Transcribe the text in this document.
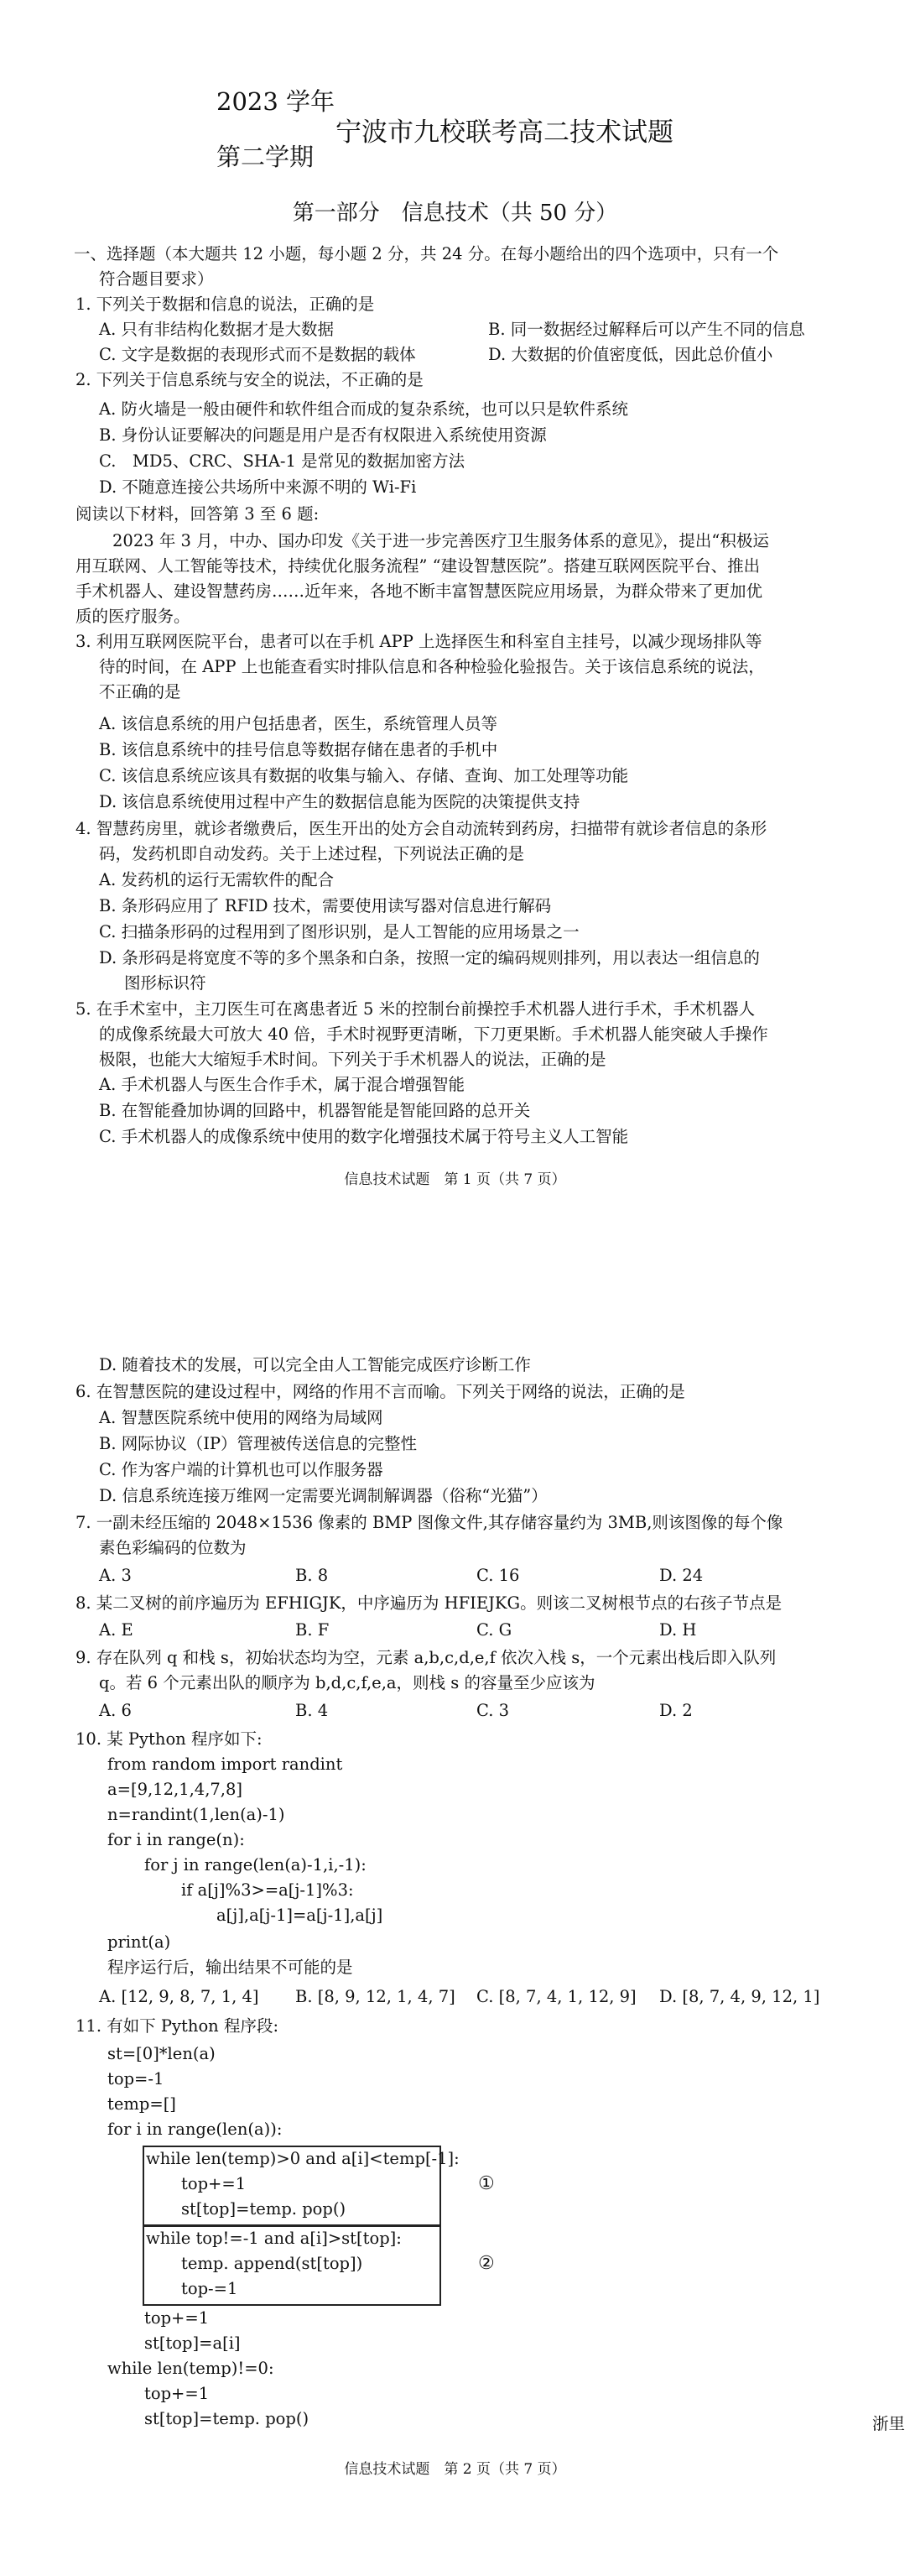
2023 学年
第二学期
宁波市九校联考高二技术试题
第一部分　信息技术（共 50 分）
一、选择题（本大题共 12 小题，每小题 2 分，共 24 分。在每小题给出的四个选项中，只有一个
符合题目要求）
1. 下列关于数据和信息的说法，正确的是
A. 只有非结构化数据才是大数据	B. 同一数据经过解释后可以产生不同的信息
C. 文字是数据的表现形式而不是数据的载体	D. 大数据的价值密度低，因此总价值小
2. 下列关于信息系统与安全的说法，不正确的是
A. 防火墙是一般由硬件和软件组合而成的复杂系统，也可以只是软件系统
B. 身份认证要解决的问题是用户是否有权限进入系统使用资源
C.　MD5、CRC、SHA-1 是常见的数据加密方法
D. 不随意连接公共场所中来源不明的 Wi-Fi
阅读以下材料，回答第 3 至 6 题:
2023 年 3 月，中办、国办印发《关于进一步完善医疗卫生服务体系的意见》，提出“积极运
用互联网、人工智能等技术，持续优化服务流程” “建设智慧医院”。搭建互联网医院平台、推出
手术机器人、建设智慧药房……近年来，各地不断丰富智慧医院应用场景，为群众带来了更加优
质的医疗服务。
3. 利用互联网医院平台，患者可以在手机 APP 上选择医生和科室自主挂号，以减少现场排队等
待的时间，在 APP 上也能查看实时排队信息和各种检验化验报告。关于该信息系统的说法，
不正确的是
A. 该信息系统的用户包括患者，医生，系统管理人员等
B. 该信息系统中的挂号信息等数据存储在患者的手机中
C. 该信息系统应该具有数据的收集与输入、存储、查询、加工处理等功能
D. 该信息系统使用过程中产生的数据信息能为医院的决策提供支持
4. 智慧药房里，就诊者缴费后，医生开出的处方会自动流转到药房，扫描带有就诊者信息的条形
码，发药机即自动发药。关于上述过程，下列说法正确的是
A. 发药机的运行无需软件的配合
B. 条形码应用了 RFID 技术，需要使用读写器对信息进行解码
C. 扫描条形码的过程用到了图形识别，是人工智能的应用场景之一
D. 条形码是将宽度不等的多个黑条和白条，按照一定的编码规则排列，用以表达一组信息的
图形标识符
5. 在手术室中，主刀医生可在离患者近 5 米的控制台前操控手术机器人进行手术，手术机器人
的成像系统最大可放大 40 倍，手术时视野更清晰，下刀更果断。手术机器人能突破人手操作
极限，也能大大缩短手术时间。下列关于手术机器人的说法，正确的是
A. 手术机器人与医生合作手术，属于混合增强智能
B. 在智能叠加协调的回路中，机器智能是智能回路的总开关
C. 手术机器人的成像系统中使用的数字化增强技术属于符号主义人工智能
信息技术试题　第 1 页（共 7 页）
D. 随着技术的发展，可以完全由人工智能完成医疗诊断工作
6. 在智慧医院的建设过程中，网络的作用不言而喻。下列关于网络的说法，正确的是
A. 智慧医院系统中使用的网络为局域网
B. 网际协议（IP）管理被传送信息的完整性
C. 作为客户端的计算机也可以作服务器
D. 信息系统连接万维网一定需要光调制解调器（俗称“光猫”）
7. 一副未经压缩的 2048×1536 像素的 BMP 图像文件,其存储容量约为 3MB,则该图像的每个像
素色彩编码的位数为
A. 3	B. 8	C. 16	D. 24
8. 某二叉树的前序遍历为 EFHIGJK，中序遍历为 HFIEJKG。则该二叉树根节点的右孩子节点是
A. E	B. F	C. G	D. H
9. 存在队列 q 和栈 s，初始状态均为空，元素 a,b,c,d,e,f 依次入栈 s，一个元素出栈后即入队列
q。若 6 个元素出队的顺序为 b,d,c,f,e,a，则栈 s 的容量至少应该为
A. 6	B. 4	C. 3	D. 2
10. 某 Python 程序如下:
from random import randint
a=[9,12,1,4,7,8]
n=randint(1,len(a)-1)
for i in range(n):
for j in range(len(a)-1,i,-1):
if a[j]%3>=a[j-1]%3:
a[j],a[j-1]=a[j-1],a[j]
print(a)
程序运行后，输出结果不可能的是
A. [12, 9, 8, 7, 1, 4] B. [8, 9, 12, 1, 4, 7] C. [8, 7, 4, 1, 12, 9] D. [8, 7, 4, 9, 12, 1]
11. 有如下 Python 程序段:
st=[0]*len(a)
top=-1
temp=[]
for i in range(len(a)):
while len(temp)>0 and a[i]<temp[-1]:
top+=1
st[top]=temp. pop()
①
while top!=-1 and a[i]>st[top]:
temp. append(st[top])
top-=1
②
top+=1
st[top]=a[i]
while len(temp)!=0:
top+=1
st[top]=temp. pop()	浙里
信息技术试题　第 2 页（共 7 页）
